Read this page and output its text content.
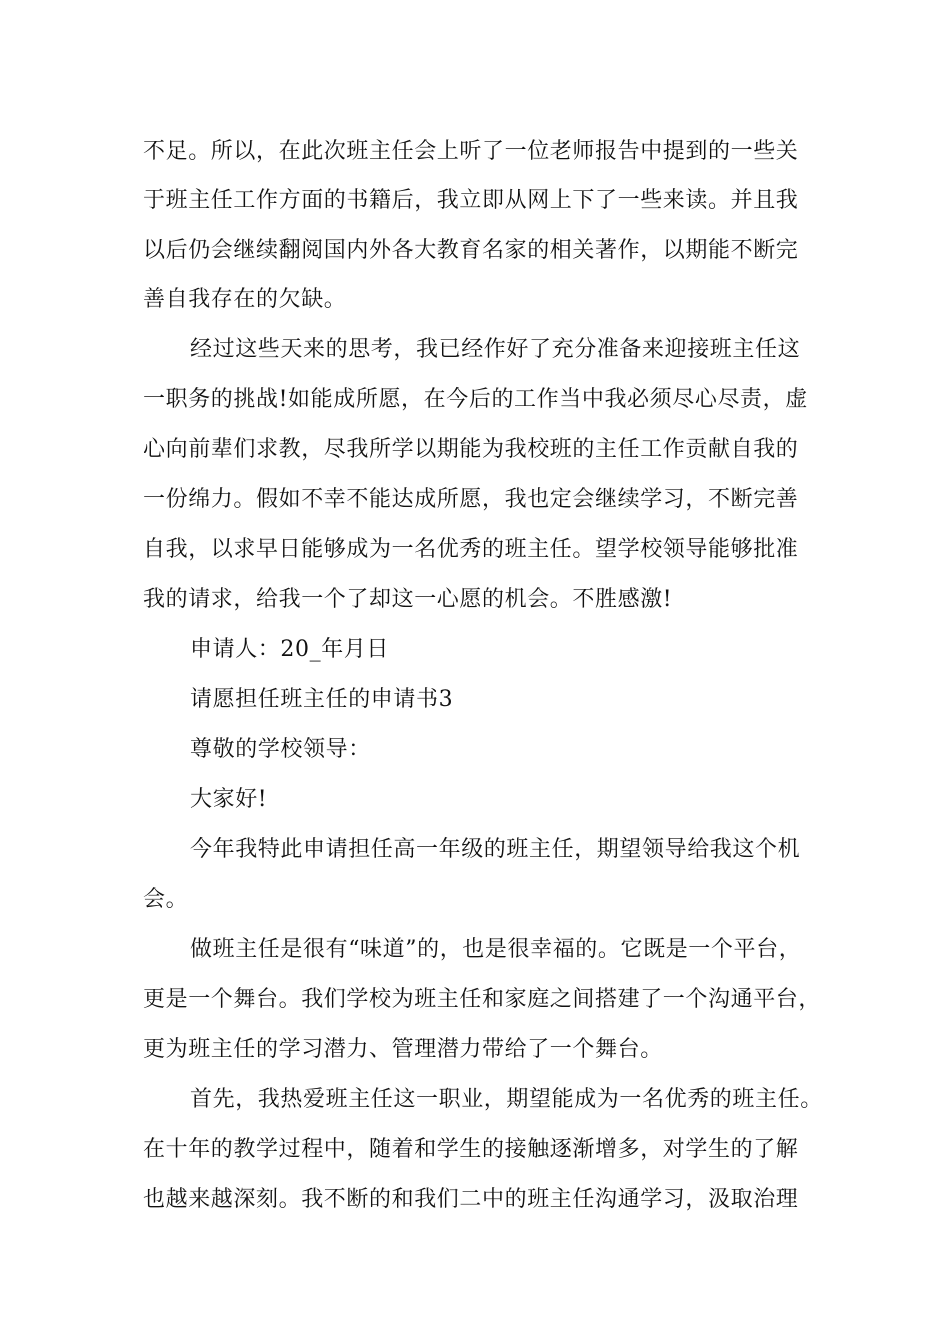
不足。所以，在此次班主任会上听了一位老师报告中提到的一些关
于班主任工作方面的书籍后，我立即从网上下了一些来读。并且我
以后仍会继续翻阅国内外各大教育名家的相关著作，以期能不断完
善自我存在的欠缺。
经过这些天来的思考，我已经作好了充分准备来迎接班主任这
一职务的挑战!如能成所愿，在今后的工作当中我必须尽心尽责，虚
心向前辈们求教，尽我所学以期能为我校班的主任工作贡献自我的
一份绵力。假如不幸不能达成所愿，我也定会继续学习，不断完善
自我，以求早日能够成为一名优秀的班主任。望学校领导能够批准
我的请求，给我一个了却这一心愿的机会。不胜感激!
申请人：20_年月日
请愿担任班主任的申请书3
尊敬的学校领导：
大家好!
今年我特此申请担任高一年级的班主任，期望领导给我这个机
会。
做班主任是很有“味道”的，也是很幸福的。它既是一个平台，
更是一个舞台。我们学校为班主任和家庭之间搭建了一个沟通平台，
更为班主任的学习潜力、管理潜力带给了一个舞台。
首先，我热爱班主任这一职业，期望能成为一名优秀的班主任。
在十年的教学过程中，随着和学生的接触逐渐增多，对学生的了解
也越来越深刻。我不断的和我们二中的班主任沟通学习，汲取治理
